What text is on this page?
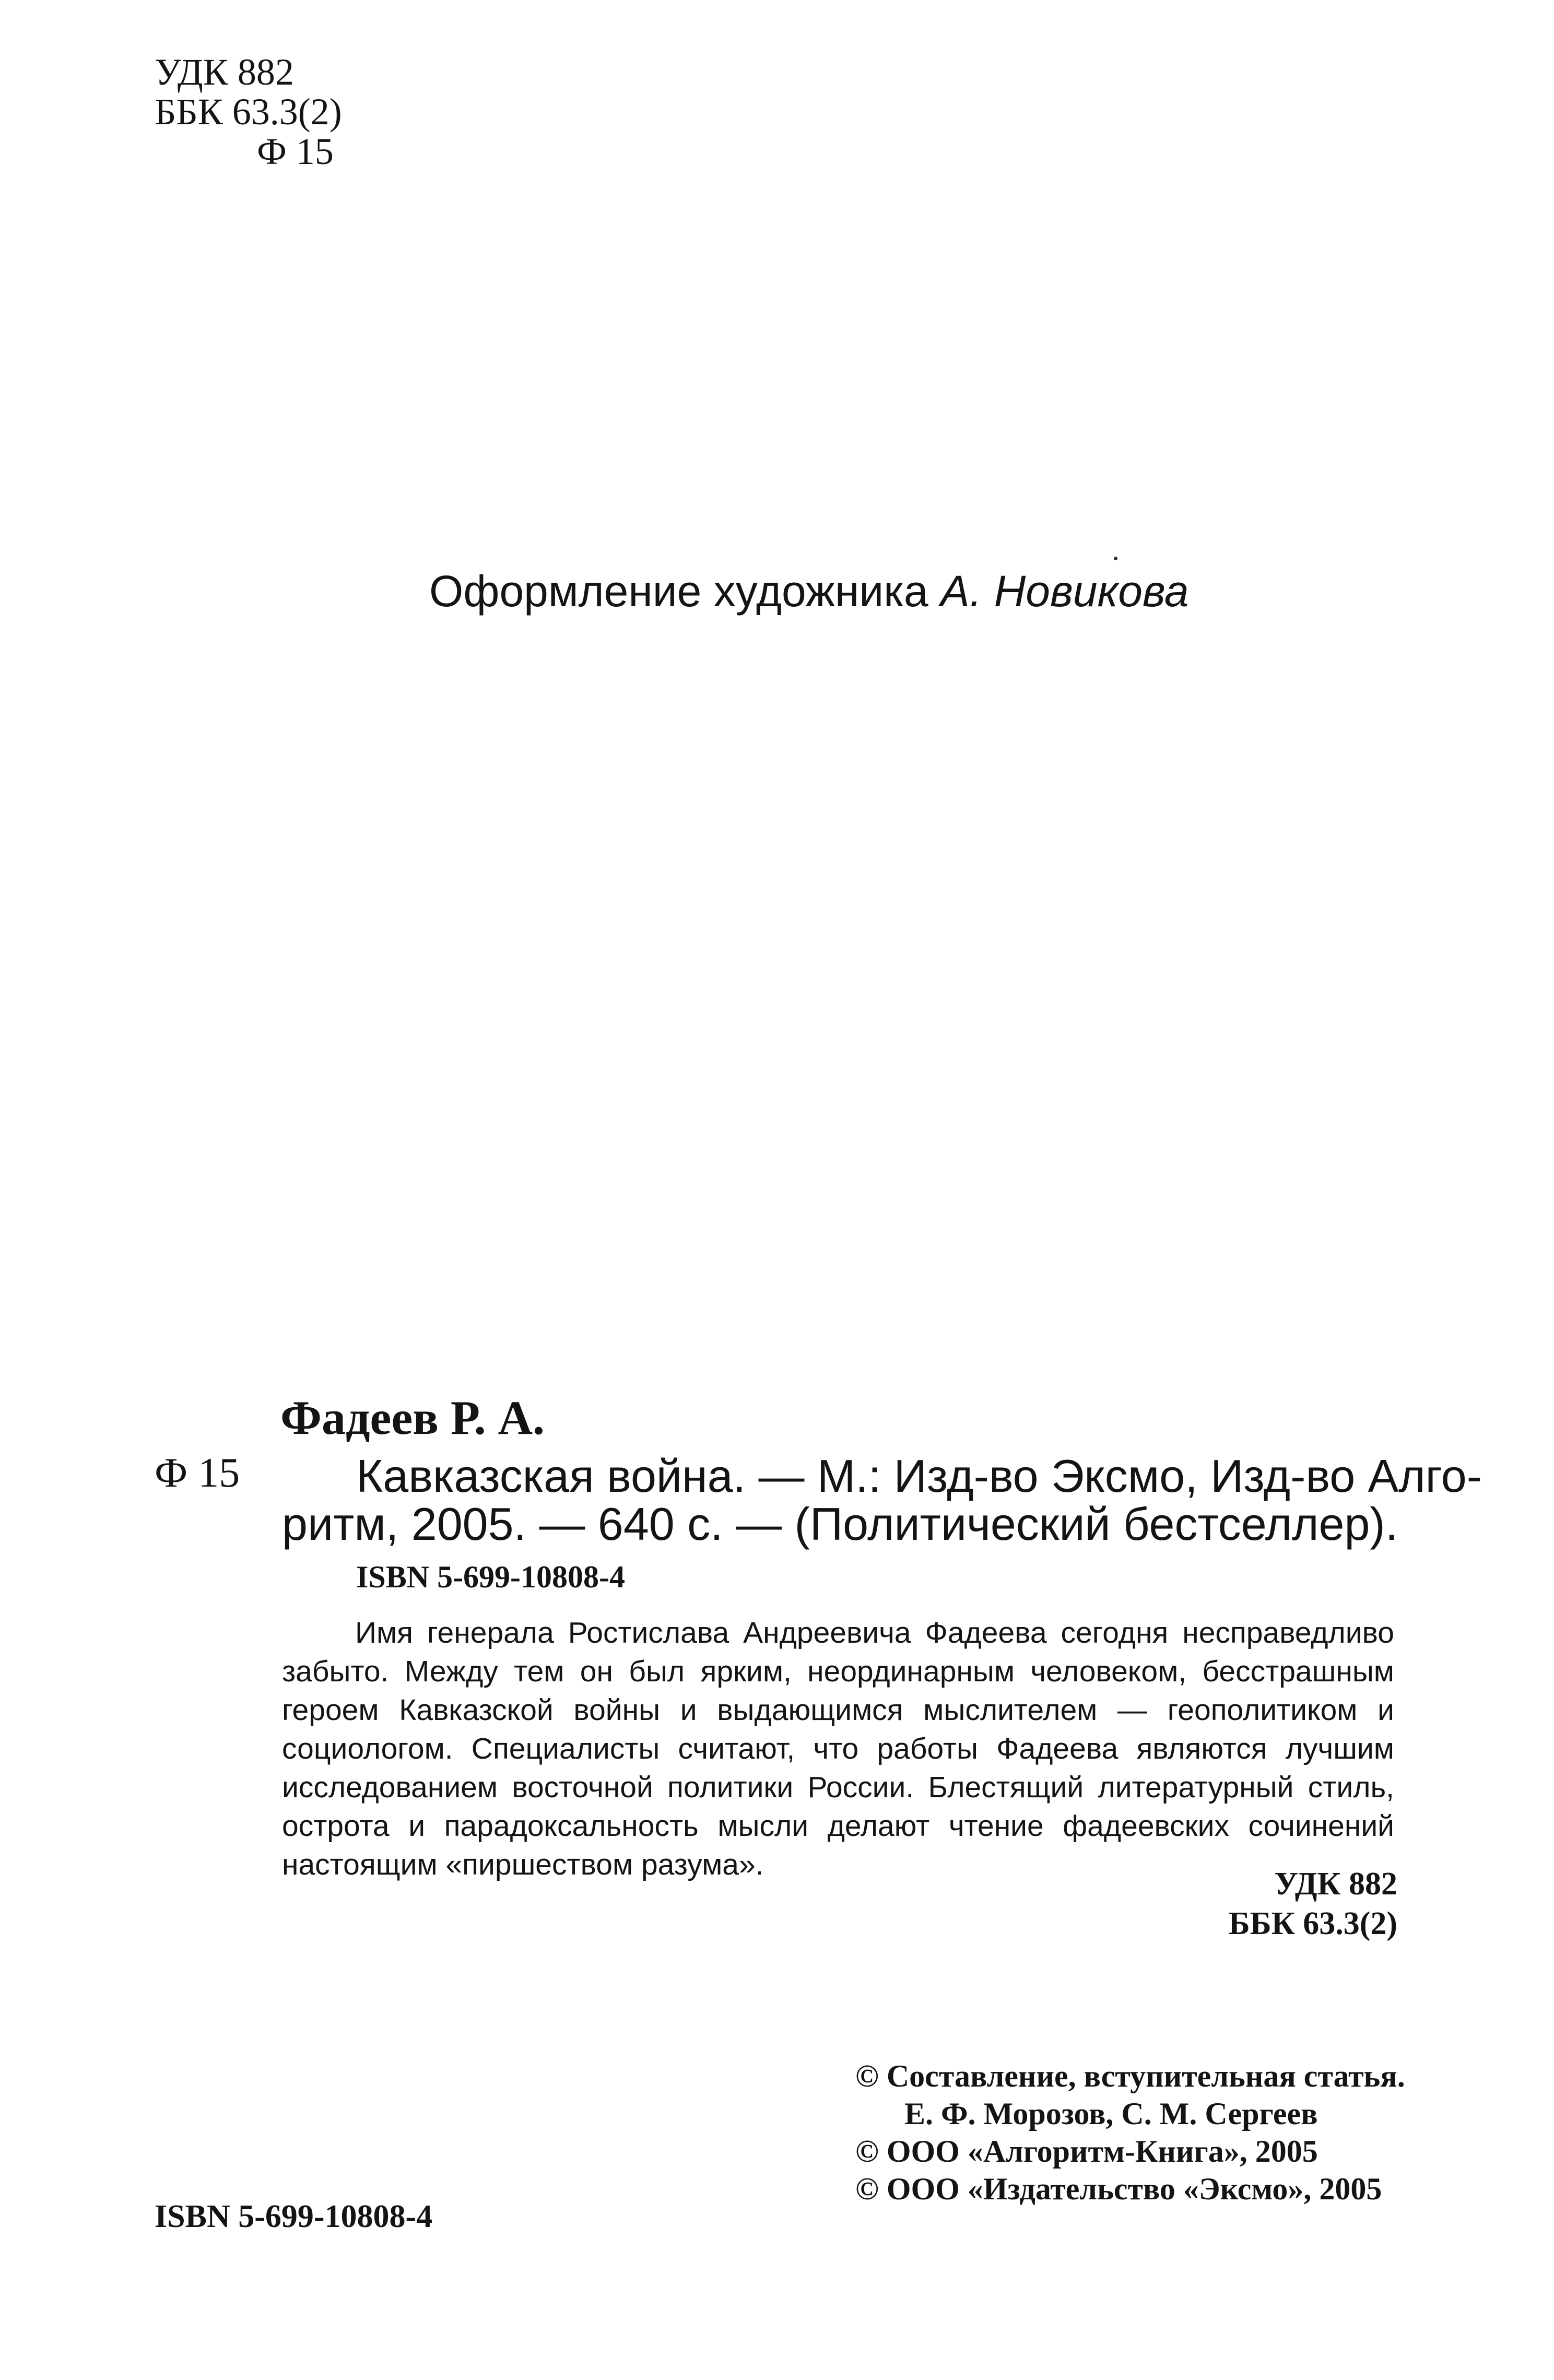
УДК 882
ББК 63.3(2)
Ф 15
Оформление художника А. Новикова
Фадеев Р. А.
Ф 15	Кавказская война. — М.: Изд-во Эксмо, Изд-во Алго-
ритм, 2005. — 640 с. — (Политический бестселлер).
ISBN 5-699-10808-4
Имя генерала Ростислава Андреевича Фадеева сегодня несправедливо забыто. Между тем он был ярким, неординарным человеком, бесстрашным героем Кавказской войны и выдающимся мыслителем — геополитиком и социологом. Специалисты считают, что работы Фадеева являются лучшим исследованием восточной политики России. Блестящий литературный стиль, острота и парадоксальность мысли делают чтение фадеевских сочинений настоящим «пиршеством разума».
УДК 882
ББК 63.3(2)
© Составление, вступительная статья.
Е. Ф. Морозов, С. М. Сергеев
© ООО «Алгоритм-Книга», 2005
© ООО «Издательство «Эксмо», 2005
ISBN 5-699-10808-4
